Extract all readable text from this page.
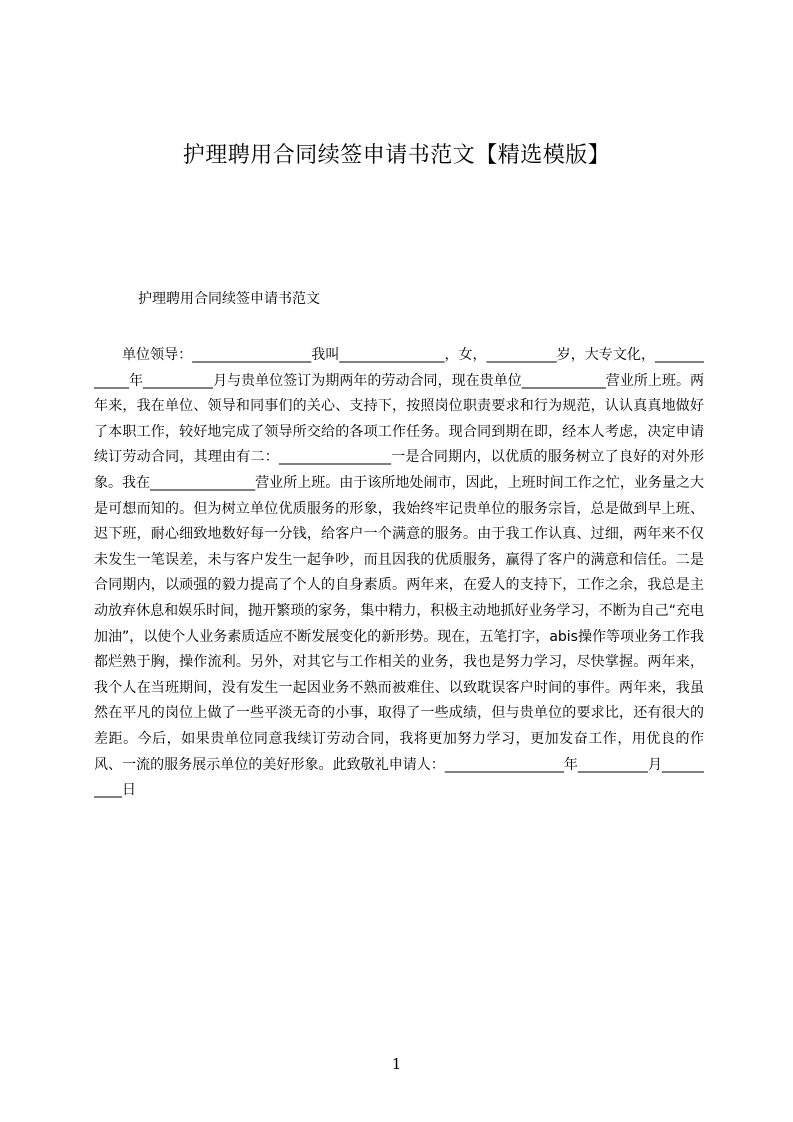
护理聘用合同续签申请书范文【精选模版】
护理聘用合同续签申请书范文
单位领导：_________________我叫_______________，女，__________岁，大专文化，____________年__________月与贵单位签订为期两年的劳动合同，现在贵单位____________营业所上班。两年来，我在单位、领导和同事们的关心、支持下，按照岗位职责要求和行为规范，认认真真地做好了本职工作，较好地完成了领导所交给的各项工作任务。现合同到期在即，经本人考虑，决定申请续订劳动合同，其理由有二：________________一是合同期内，以优质的服务树立了良好的对外形象。我在_______________营业所上班。由于该所地处闹市，因此，上班时间工作之忙，业务量之大是可想而知的。但为树立单位优质服务的形象，我始终牢记贵单位的服务宗旨，总是做到早上班、迟下班，耐心细致地数好每一分钱，给客户一个满意的服务。由于我工作认真、过细，两年来不仅未发生一笔误差，未与客户发生一起争吵，而且因我的优质服务，赢得了客户的满意和信任。二是合同期内，以顽强的毅力提高了个人的自身素质。两年来，在爱人的支持下，工作之余，我总是主动放弃休息和娱乐时间，抛开繁琐的家务，集中精力，积极主动地抓好业务学习，不断为自己“充电加油”，以使个人业务素质适应不断发展变化的新形势。现在，五笔打字，abis操作等项业务工作我都烂熟于胸，操作流利。另外，对其它与工作相关的业务，我也是努力学习，尽快掌握。两年来，我个人在当班期间，没有发生一起因业务不熟而被难住、以致耽误客户时间的事件。两年来，我虽然在平凡的岗位上做了一些平淡无奇的小事，取得了一些成绩，但与贵单位的要求比，还有很大的差距。今后，如果贵单位同意我续订劳动合同，我将更加努力学习，更加发奋工作，用优良的作风、一流的服务展示单位的美好形象。此致敬礼申请人：_________________年__________月__________日
1
